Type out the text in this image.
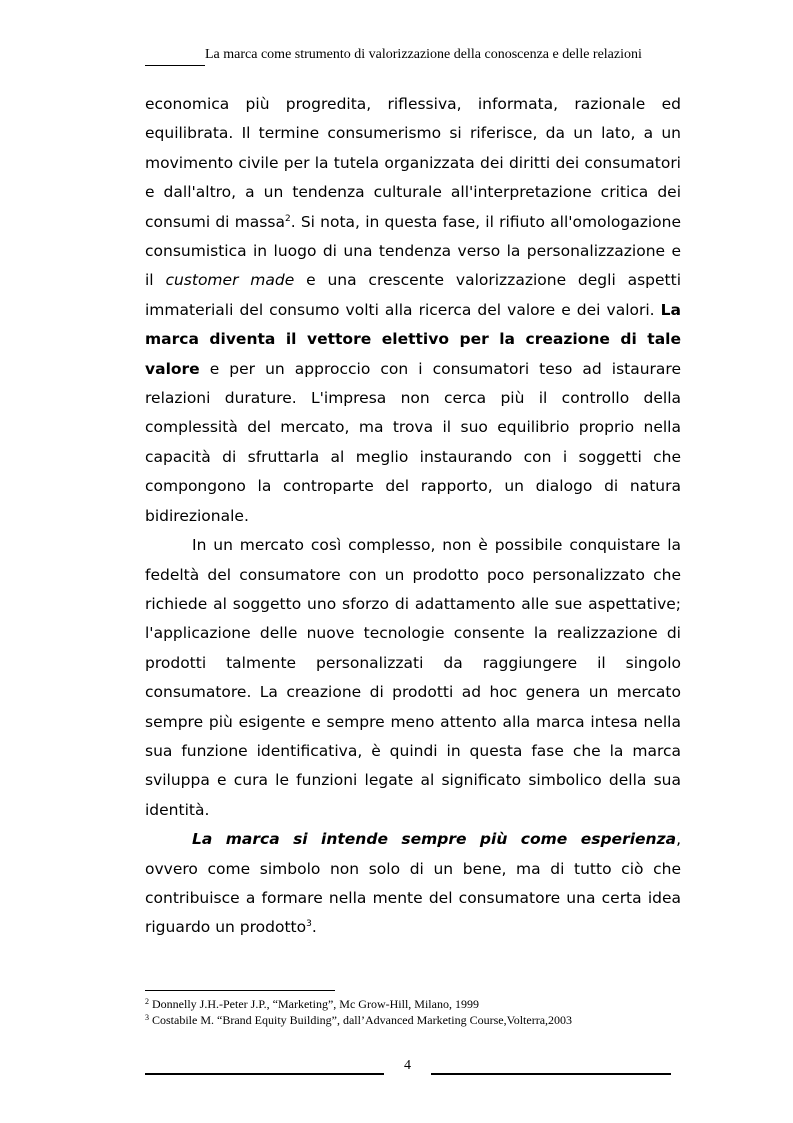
La marca come strumento di valorizzazione della conoscenza e delle relazioni

economica più progredita, riflessiva, informata, razionale ed equilibrata. Il termine consumerismo si riferisce, da un lato, a un movimento civile per la tutela organizzata dei diritti dei consumatori e dall'altro, a un tendenza culturale all'interpretazione critica dei consumi di massa$^2$. Si nota, in questa fase, il rifiuto all'omologazione consumistica in luogo di una tendenza verso la personalizzazione e il customer made e una crescente valorizzazione degli aspetti immateriali del consumo volti alla ricerca del valore e dei valori. La marca diventa il vettore elettivo per la creazione di tale valore e per un approccio con i consumatori teso ad istaurare relazioni durature. L'impresa non cerca più il controllo della complessità del mercato, ma trova il suo equilibrio proprio nella capacità di sfruttarla al meglio instaurando con i soggetti che compongono la controparte del rapporto, un dialogo di natura bidirezionale.

In un mercato così complesso, non è possibile conquistare la fedeltà del consumatore con un prodotto poco personalizzato che richiede al soggetto uno sforzo di adattamento alle sue aspettative; l'applicazione delle nuove tecnologie consente la realizzazione di prodotti talmente personalizzati da raggiungere il singolo consumatore. La creazione di prodotti ad hoc genera un mercato sempre più esigente e sempre meno attento alla marca intesa nella sua funzione identificativa, è quindi in questa fase che la marca sviluppa e cura le funzioni legate al significato simbolico della sua identità.

La marca si intende sempre più come esperienza, ovvero come simbolo non solo di un bene, ma di tutto ciò che contribuisce a formare nella mente del consumatore una certa idea riguardo un prodotto$^3$.

$^2$ Donnelly J.H.-Peter J.P., “Marketing”, Mc Grow-Hill, Milano, 1999
$^3$ Costabile M. “Brand Equity Building”, dall’Advanced Marketing Course,Volterra,2003
4
